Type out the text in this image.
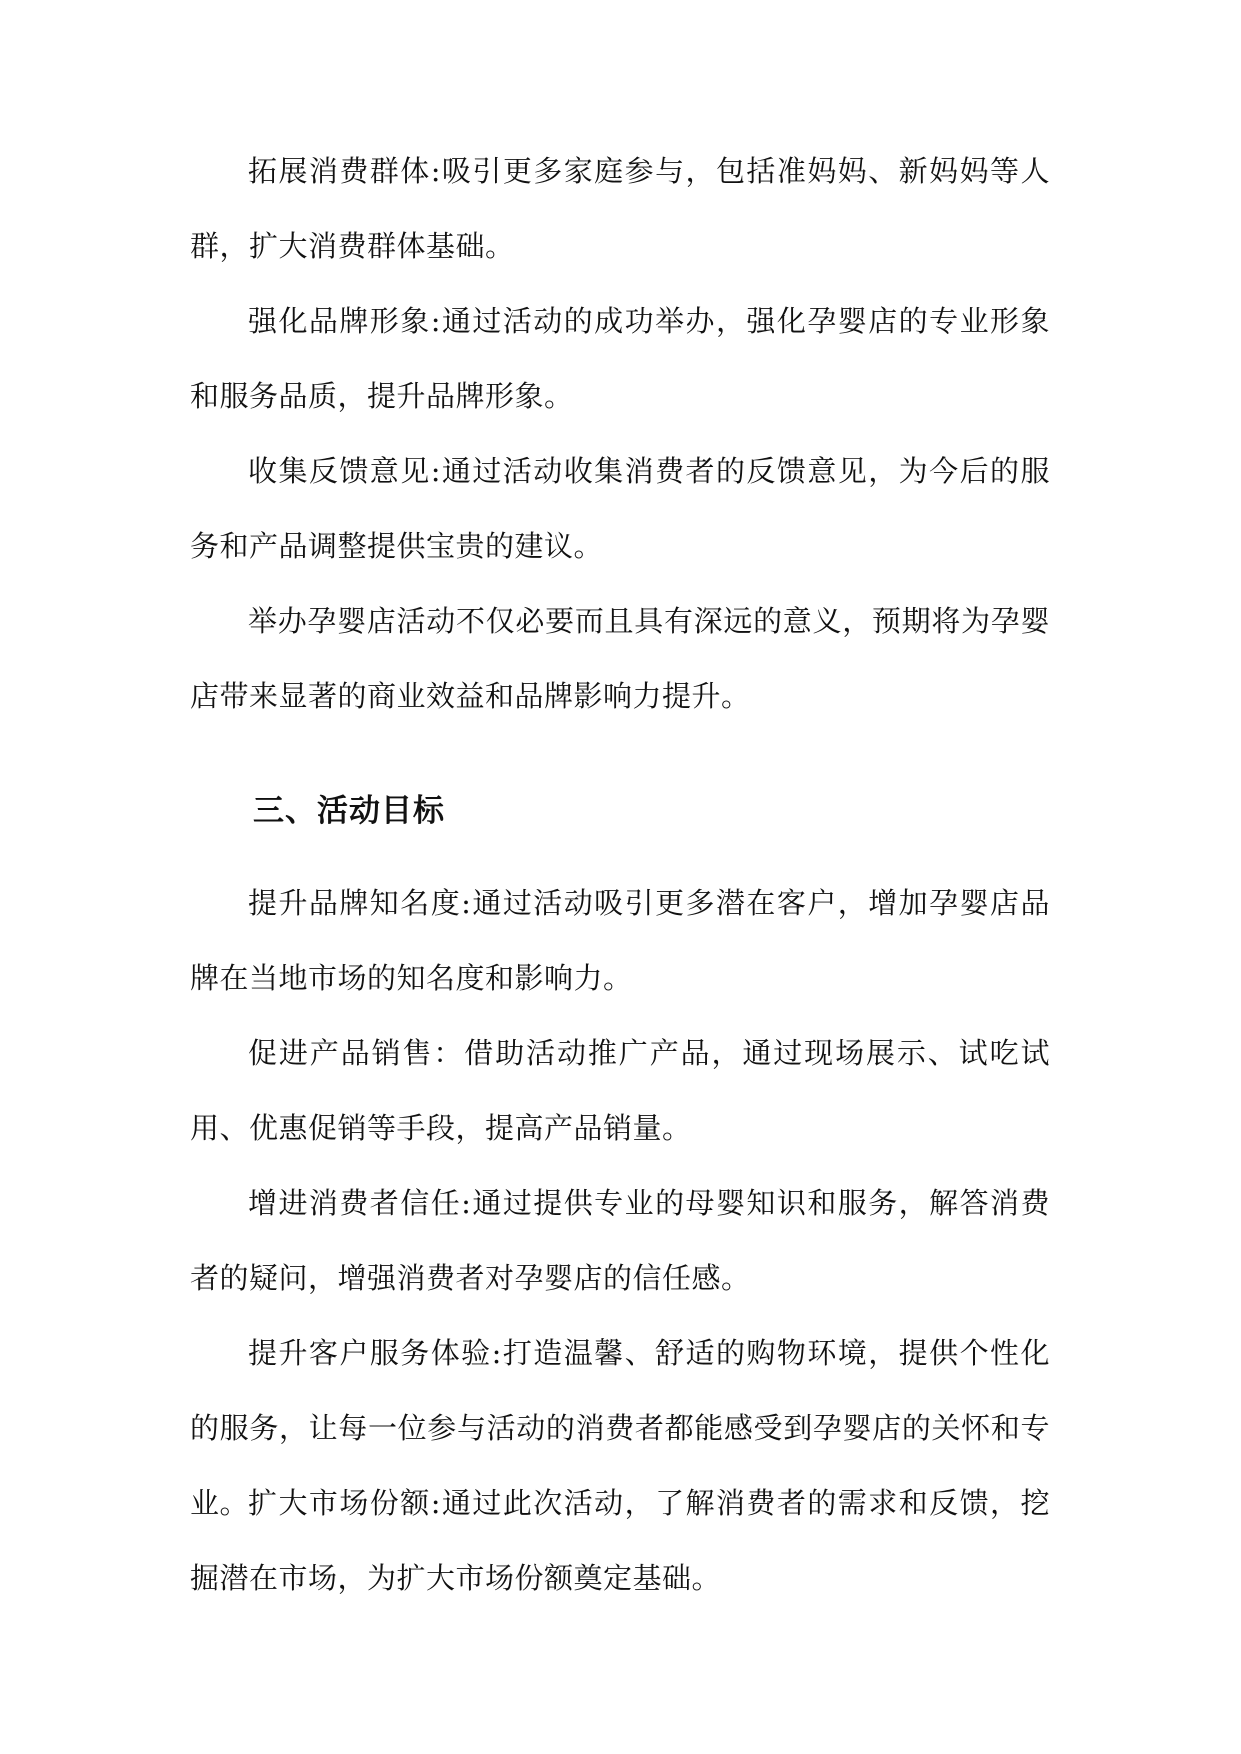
拓展消费群体:吸引更多家庭参与，包括准妈妈、新妈妈等人群，扩大消费群体基础。

强化品牌形象:通过活动的成功举办，强化孕婴店的专业形象和服务品质，提升品牌形象。

收集反馈意见:通过活动收集消费者的反馈意见，为今后的服务和产品调整提供宝贵的建议。

举办孕婴店活动不仅必要而且具有深远的意义，预期将为孕婴店带来显著的商业效益和品牌影响力提升。

三、活动目标

提升品牌知名度:通过活动吸引更多潜在客户，增加孕婴店品牌在当地市场的知名度和影响力。

促进产品销售：借助活动推广产品，通过现场展示、试吃试用、优惠促销等手段，提高产品销量。

增进消费者信任:通过提供专业的母婴知识和服务，解答消费者的疑问，增强消费者对孕婴店的信任感。

提升客户服务体验:打造温馨、舒适的购物环境，提供个性化的服务，让每一位参与活动的消费者都能感受到孕婴店的关怀和专业。

扩大市场份额:通过此次活动，了解消费者的需求和反馈，挖掘潜在市场，为扩大市场份额奠定基础。
